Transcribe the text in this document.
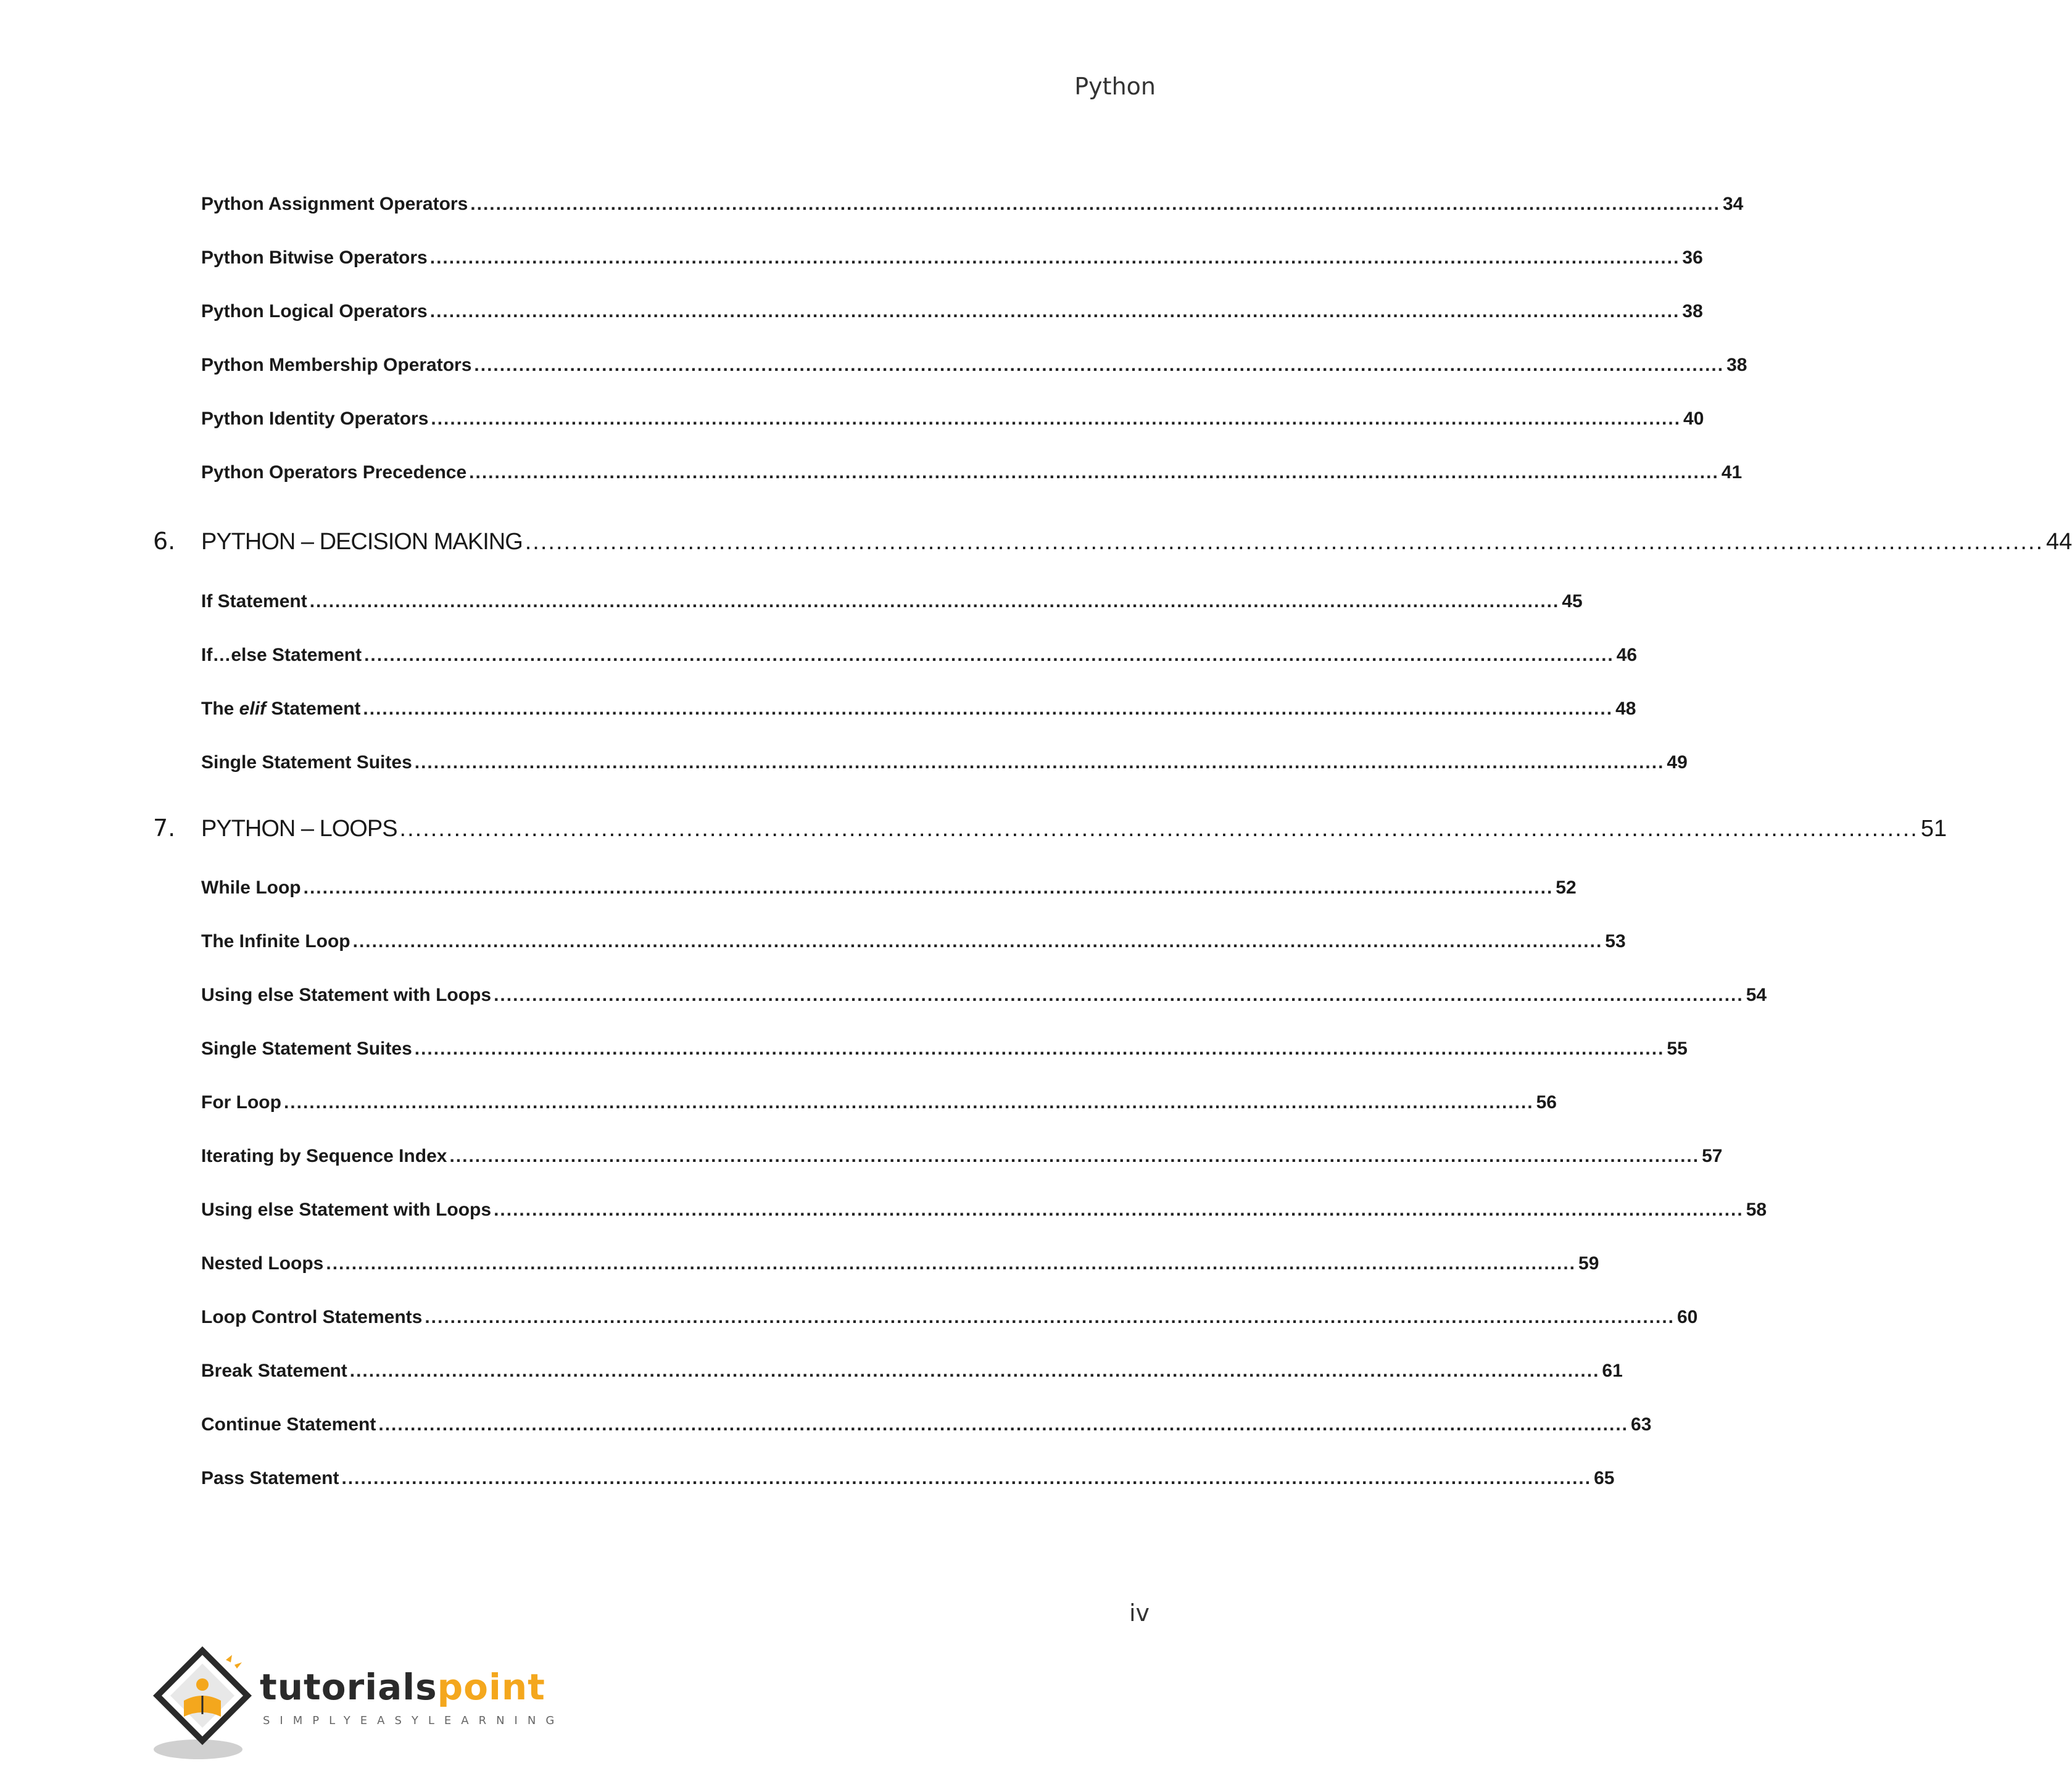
Python
Python Assignment Operators .................................................................................................................................................................................................... 34
Python Bitwise Operators .................................................................................................................................................................................................... 36
Python Logical Operators .................................................................................................................................................................................................... 38
Python Membership Operators .................................................................................................................................................................................................... 38
Python Identity Operators .................................................................................................................................................................................................... 40
Python Operators Precedence .................................................................................................................................................................................................... 41
6.	PYTHON – DECISION MAKING .................................................................................................................................................................................................... 44
If Statement .................................................................................................................................................................................................... 45
If…else Statement .................................................................................................................................................................................................... 46
The elif Statement .................................................................................................................................................................................................... 48
Single Statement Suites .................................................................................................................................................................................................... 49
7.	PYTHON – LOOPS .................................................................................................................................................................................................... 51
While Loop .................................................................................................................................................................................................... 52
The Infinite Loop .................................................................................................................................................................................................... 53
Using else Statement with Loops .................................................................................................................................................................................................... 54
Single Statement Suites .................................................................................................................................................................................................... 55
For Loop .................................................................................................................................................................................................... 56
Iterating by Sequence Index .................................................................................................................................................................................................... 57
Using else Statement with Loops .................................................................................................................................................................................................... 58
Nested Loops .................................................................................................................................................................................................... 59
Loop Control Statements .................................................................................................................................................................................................... 60
Break Statement .................................................................................................................................................................................................... 61
Continue Statement .................................................................................................................................................................................................... 63
Pass Statement .................................................................................................................................................................................................... 65
iv
tutorialspoint
SIMPLYEASYLEARNING
